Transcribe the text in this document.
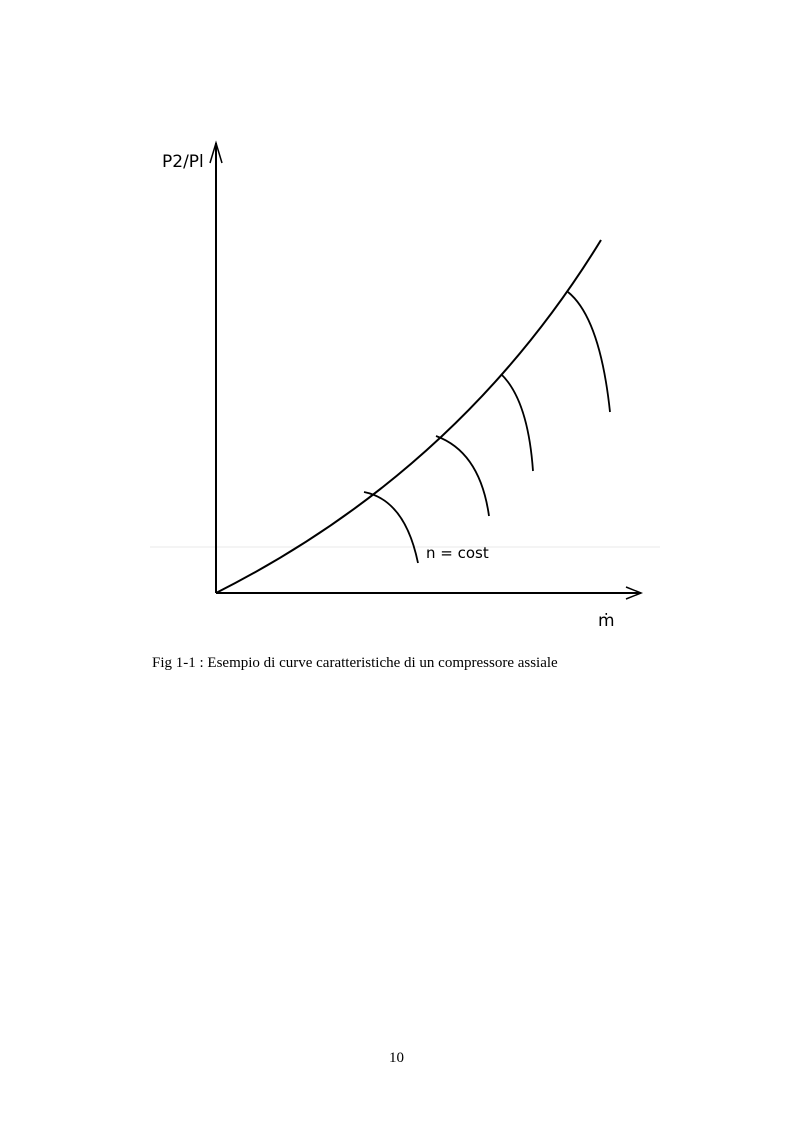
P2/Pl
ṁ
n = cost
Fig 1-1 : Esempio di curve caratteristiche di un compressore assiale
10
